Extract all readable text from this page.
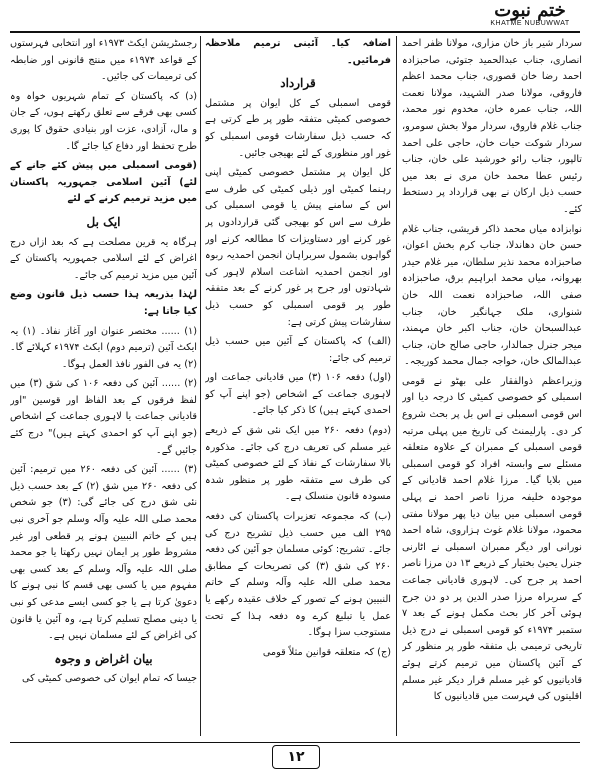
ختم نبوت
KHATME NUBUWWAT

سردار شیر باز خان مزاری، مولانا ظفر احمد انصاری، جناب عبدالحمید جتوئی، صاحبزادہ احمد رضا خان قصوری، جناب محمد اعظم فاروقی، مولانا صدر الشہید، مولانا نعمت اللہ، جناب عمرہ خان، مخدوم نور محمد، جناب غلام فاروق، سردار مولا بخش سومرو، سردار شوکت حیات خان، حاجی علی احمد تالپور، جناب رائو خورشید علی خان، جناب رئیس عطا محمد خان مری نے بعد میں حسب ذیل ارکان نے بھی قرارداد پر دستخط کئے۔

نوابزادہ میاں محمد ذاکر قریشی، جناب غلام حسن خان دھاندلا، جناب کرم بخش اعوان، صاحبزادہ محمد نذیر سلطان، میر غلام حیدر بھروانہ، میاں محمد ابراہیم برق، صاحبزادہ صفی اللہ، صاحبزادہ نعمت اللہ خان شنواری، ملک جہانگیر خان، جناب عبدالسبحان خان، جناب اکبر خان مہمند، میجر جنرل جمالدار، حاجی صالح خان، جناب عبدالمالک خان، خواجہ جمال محمد کوریجہ۔

وزیراعظم ذوالفقار علی بھٹو نے قومی اسمبلی کو خصوصی کمیٹی کا درجہ دیا اور اس قومی اسمبلی نے اس بل پر بحث شروع کر دی۔ پارلیمنٹ کی تاریخ میں پہلی مرتبہ قومی اسمبلی کے ممبران کے علاوہ متعلقہ مسئلے سے وابستہ افراد کو قومی اسمبلی میں بلایا گیا۔ مرزا غلام احمد قادیانی کے موجودہ خلیفہ مرزا ناصر احمد نے پہلی قومی اسمبلی میں بیان دیا پھر مولانا مفتی محمود، مولانا غلام غوث ہزاروی، شاہ احمد نورانی اور دیگر ممبران اسمبلی نے اٹارنی جنرل یحییٰ بختیار کے ذریعے ۱۳ دن مرزا ناصر احمد پر جرح کی۔ لاہوری قادیانی جماعت کے سربراہ مرزا صدر الدین پر دو دن جرح ہوئی آخر کار بحث مکمل ہونے کے بعد ۷ ستمبر ۱۹۷۴ء کو قومی اسمبلی نے درج ذیل تاریخی ترمیمی بل متفقہ طور پر منظور کر کے آئین پاکستان میں ترمیم کرتے ہوئے قادیانیوں کو غیر مسلم قرار دیکر غیر مسلم اقلیتوں کی فہرست میں قادیانیوں کا

اضافہ کیا۔ آئینی ترمیم ملاحظہ فرمائیں۔

قرارداد

قومی اسمبلی کے کل ایوان پر مشتمل خصوصی کمیٹی متفقہ طور پر طے کرتی ہے کہ حسب ذیل سفارشات قومی اسمبلی کو غور اور منظوری کے لئے بھیجی جائیں۔

کل ایوان پر مشتمل خصوصی کمیٹی اپنی رہنما کمیٹی اور ذیلی کمیٹی کی طرف سے اس کے سامنے پیش یا قومی اسمبلی کی طرف سے اس کو بھیجی گئی قراردادوں پر غور کرنے اور دستاویزات کا مطالعہ کرنے اور گواہوں بشمول سربراہان انجمن احمدیہ ربوہ اور انجمن احمدیہ اشاعت اسلام لاہور کی شہادتوں اور جرح پر غور کرنے کے بعد متفقہ طور پر قومی اسمبلی کو حسب ذیل سفارشات پیش کرتی ہے:

(الف) کہ پاکستان کے آئین میں حسب ذیل ترمیم کی جائے:

(اول) دفعہ ۱۰۶ (۳) میں قادیانی جماعت اور لاہوری جماعت کے اشخاص (جو اپنے آپ کو احمدی کہتے ہیں) کا ذکر کیا جائے۔

(دوم) دفعہ ۲۶۰ میں ایک نئی شق کے ذریعے غیر مسلم کی تعریف درج کی جائے۔ مذکورہ بالا سفارشات کے نفاذ کے لئے خصوصی کمیٹی کی طرف سے متفقہ طور پر منظور شدہ مسودہ قانون منسلک ہے۔

(ب) کہ مجموعہ تعزیرات پاکستان کی دفعہ ۲۹۵ الف میں حسب ذیل تشریح درج کی جائے۔ تشریح: کوئی مسلمان جو آئین کی دفعہ ۲۶۰ کی شق (۳) کی تصریحات کے مطابق محمد صلی اللہ علیہ وآلہ وسلم کے خاتم النبیین ہونے کے تصور کے خلاف عقیدہ رکھے یا عمل یا تبلیغ کرے وہ دفعہ ہذا کے تحت مستوجب سزا ہوگا۔

(ج) کہ متعلقہ قوانین مثلاً قومی

رجسٹریشن ایکٹ ۱۹۷۳ء اور انتخابی فہرستوں کے قواعد ۱۹۷۴ء میں منتج قانونی اور ضابطہ کی ترمیمات کی جائیں۔

(د) کہ پاکستان کے تمام شہریوں خواہ وہ کسی بھی فرقے سے تعلق رکھتے ہوں، کے جان و مال، آزادی، عزت اور بنیادی حقوق کا پوری طرح تحفظ اور دفاع کیا جائے گا۔

(قومی اسمبلی میں پیش کئے جانے کے لئے) آئین اسلامی جمہوریہ پاکستان میں مزید ترمیم کرنے کے لئے

ایک بل

ہرگاہ یہ قرین مصلحت ہے کہ بعد ازاں درج اغراض کے لئے اسلامی جمہوریہ پاکستان کے آئین میں مزید ترمیم کی جائے۔

لہٰذا بذریعہ ہذا حسب ذیل قانون وضع کیا جاتا ہے:

(۱) ...... مختصر عنوان اور آغاز نفاذ۔ (۱) یہ ایکٹ آئین (ترمیم دوم) ایکٹ ۱۹۷۴ء کہلائے گا۔ (۲) یہ فی الفور نافذ العمل ہوگا۔

(۲) ...... آئین کی دفعہ ۱۰۶ کی شق (۳) میں لفظ فرقوں کے بعد الفاظ اور قوسین "اور قادیانی جماعت یا لاہوری جماعت کے اشخاص (جو اپنے آپ کو احمدی کہتے ہیں)" درج کئے جائیں گے۔

(۳) ...... آئین کی دفعہ ۲۶۰ میں ترمیم: آئین کی دفعہ ۲۶۰ میں شق (۲) کے بعد حسب ذیل نئی شق درج کی جائے گی: (۳) جو شخص محمد صلی اللہ علیہ وآلہ وسلم جو آخری نبی ہیں کے خاتم النبیین ہونے پر قطعی اور غیر مشروط طور پر ایمان نہیں رکھتا یا جو محمد صلی اللہ علیہ وآلہ وسلم کے بعد کسی بھی مفہوم میں یا کسی بھی قسم کا نبی ہونے کا دعویٰ کرتا ہے یا جو کسی ایسے مدعی کو نبی یا دینی مصلح تسلیم کرتا ہے، وہ آئین یا قانون کی اغراض کے لئے مسلمان نہیں ہے۔

بیان اغراض و وجوہ

جیسا کہ تمام ایوان کی خصوصی کمیٹی کی

۱۲
